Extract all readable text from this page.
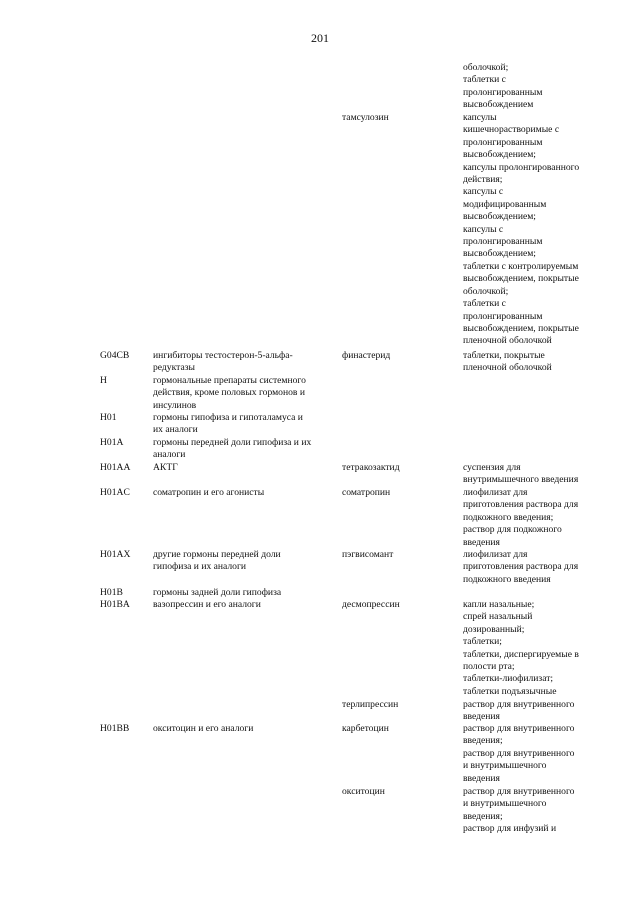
201
оболочкой;
таблетки с
пролонгированным
высвобождением
тамсулозин	капсулы
кишечнорастворимые с
пролонгированным
высвобождением;
капсулы пролонгированного
действия;
капсулы с
модифицированным
высвобождением;
капсулы с
пролонгированным
высвобождением;
таблетки с контролируемым
высвобождением, покрытые
оболочкой;
таблетки с
пролонгированным
высвобождением, покрытые
пленочной оболочкой
G04CB ингибиторы тестостерон-5-альфа-
редуктазы
финастерид	таблетки, покрытые
пленочной оболочкой
H	гормональные препараты системного
действия, кроме половых гормонов и
инсулинов
H01	гормоны гипофиза и гипоталамуса и
их аналоги
H01A	гормоны передней доли гипофиза и их
аналоги
H01AA АКТГ	тетракозактид	суспензия для
внутримышечного введения
H01AC соматропин и его агонисты	соматропин	лиофилизат для
приготовления раствора для
подкожного введения;
раствор для подкожного
введения
H01AX другие гормоны передней доли
гипофиза и их аналоги
пэгвисомант	лиофилизат для
приготовления раствора для
подкожного введения
H01B	гормоны задней доли гипофиза
H01BA вазопрессин и его аналоги	десмопрессин	капли назальные;
спрей назальный
дозированный;
таблетки;
таблетки, диспергируемые в
полости рта;
таблетки-лиофилизат;
таблетки подъязычные
терлипрессин	раствор для внутривенного
введения
H01BB окситоцин и его аналоги	карбетоцин	раствор для внутривенного
введения;
раствор для внутривенного
и внутримышечного
введения
окситоцин	раствор для внутривенного
и внутримышечного
введения;
раствор для инфузий и
